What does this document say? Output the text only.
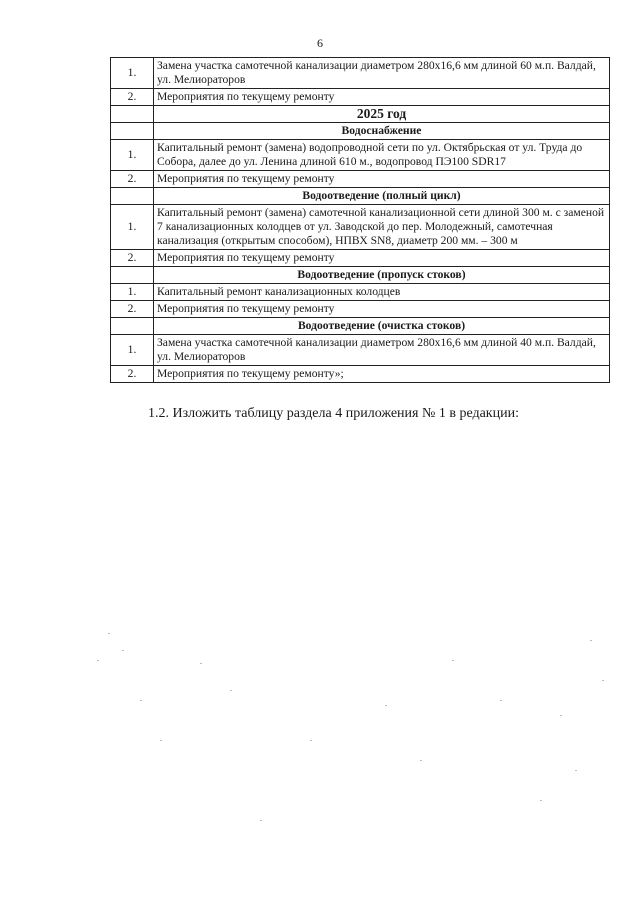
6
1.	Замена участка самотечной канализации диаметром 280х16,6 мм длиной 60 м.п. Валдай, ул. Мелиораторов
2.	Мероприятия по текущему ремонту
	2025 год
	Водоснабжение
1.	Капитальный ремонт (замена) водопроводной сети по ул. Октябрьская от ул. Труда до Собора, далее до ул. Ленина длиной 610 м., водопровод ПЭ100 SDR17
2.	Мероприятия по текущему ремонту
	Водоотведение (полный цикл)
1.	Капитальный ремонт (замена) самотечной канализационной сети длиной 300 м. с заменой 7 канализационных колодцев от ул. Заводской до пер. Молодежный, самотечная канализация (открытым способом), НПВХ SN8, диаметр 200 мм. – 300 м
2.	Мероприятия по текущему ремонту
	Водоотведение (пропуск стоков)
1.	Капитальный ремонт канализационных колодцев
2.	Мероприятия по текущему ремонту
	Водоотведение (очистка стоков)
1.	Замена участка самотечной канализации диаметром 280х16,6 мм длиной 40 м.п. Валдай, ул. Мелиораторов
2.	Мероприятия по текущему ремонту»;
1.2. Изложить таблицу раздела 4 приложения № 1 в редакции:
